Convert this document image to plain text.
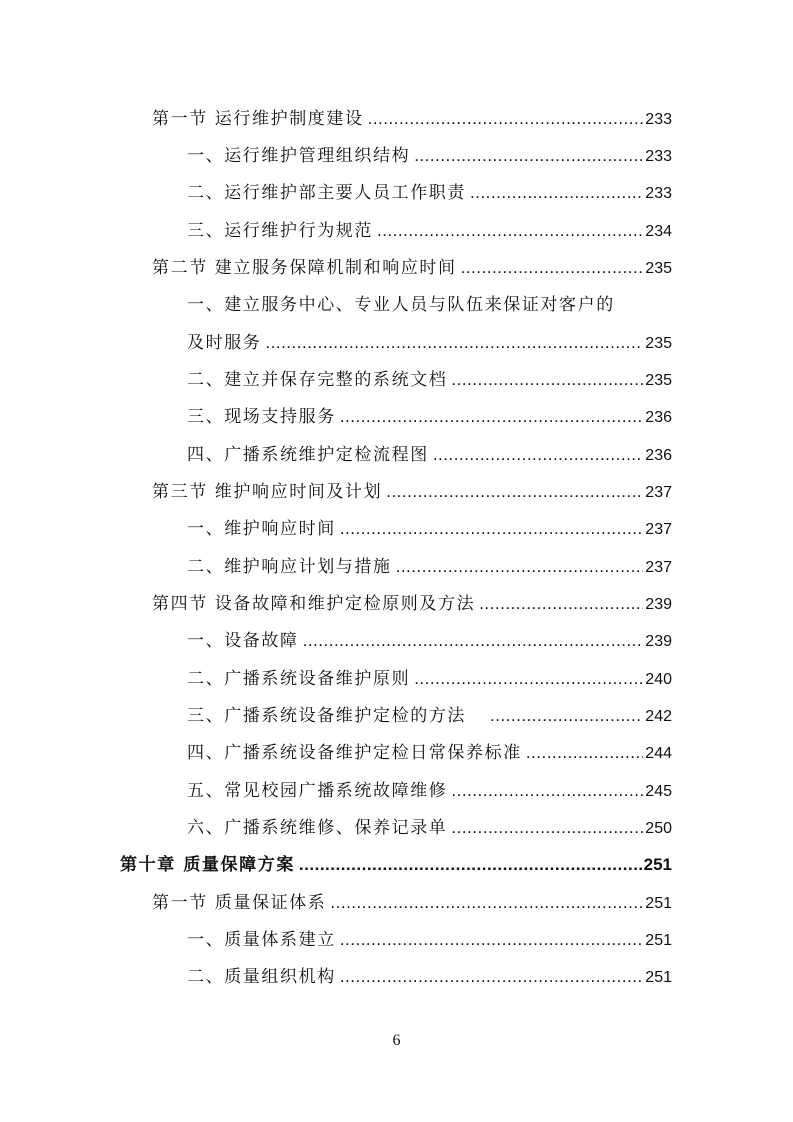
第一节 运行维护制度建设 .....	233
一、运行维护管理组织结构 .....	233
二、运行维护部主要人员工作职责 .....	233
三、运行维护行为规范 .....	234
第二节 建立服务保障机制和响应时间 .....	235
一、建立服务中心、专业人员与队伍来保证对客户的
及时服务 .....	235
二、建立并保存完整的系统文档 .....	235
三、现场支持服务 .....	236
四、广播系统维护定检流程图 .....	236
第三节 维护响应时间及计划 .....	237
一、维护响应时间 .....	237
二、维护响应计划与措施 .....	237
第四节 设备故障和维护定检原则及方法 .....	239
一、设备故障 .....	239
二、广播系统设备维护原则 .....	240
三、广播系统设备维护定检的方法 .....	242
四、广播系统设备维护定检日常保养标准 .....	244
五、常见校园广播系统故障维修 .....	245
六、广播系统维修、保养记录单 .....	250
第十章 质量保障方案 .....	251
第一节 质量保证体系 .....	251
一、质量体系建立 .....	251
二、质量组织机构 .....	251
6
